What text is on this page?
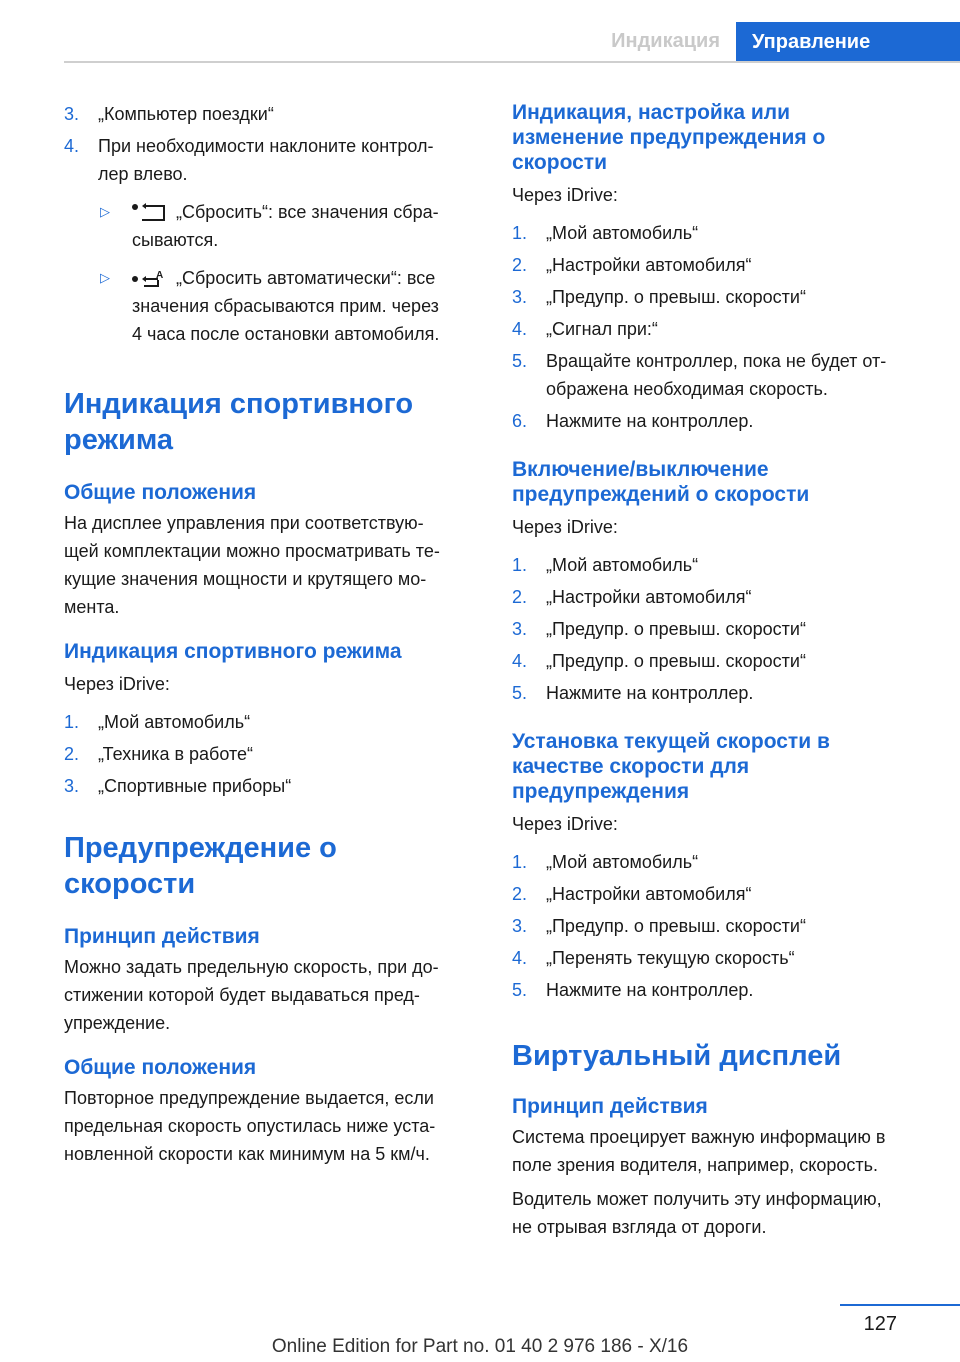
Индикация	Управление
3. „Компьютер поездки“
4. При необходимости наклоните контрол-
лер влево.
▷	„Сбросить“: все значения сбра-
сываются.
▷	A „Сбросить автоматически“: все
значения сбрасываются прим. через
4 часа после остановки автомобиля.
Индикация спортивного
режима
Общие положения
На дисплее управления при соответствую-
щей комплектации можно просматривать те-
кущие значения мощности и крутящего мо-
мента.
Индикация спортивного режима
Через iDrive:
1. „Мой автомобиль“
2. „Техника в работе“
3. „Спортивные приборы“
Предупреждение о
скорости
Принцип действия
Можно задать предельную скорость, при до-
стижении которой будет выдаваться пред-
упреждение.
Общие положения
Повторное предупреждение выдается, если
предельная скорость опустилась ниже уста-
новленной скорости как минимум на 5 км/ч.
Индикация, настройка или
изменение предупреждения о
скорости
Через iDrive:
1. „Мой автомобиль“
2. „Настройки автомобиля“
3. „Предупр. о превыш. скорости“
4. „Сигнал при:“
5. Вращайте контроллер, пока не будет от-
ображена необходимая скорость.
6. Нажмите на контроллер.
Включение/выключение
предупреждений о скорости
Через iDrive:
1. „Мой автомобиль“
2. „Настройки автомобиля“
3. „Предупр. о превыш. скорости“
4. „Предупр. о превыш. скорости“
5. Нажмите на контроллер.
Установка текущей скорости в
качестве скорости для
предупреждения
Через iDrive:
1. „Мой автомобиль“
2. „Настройки автомобиля“
3. „Предупр. о превыш. скорости“
4. „Перенять текущую скорость“
5. Нажмите на контроллер.
Виртуальный дисплей
Принцип действия
Система проецирует важную информацию в
поле зрения водителя, например, скорость.
Водитель может получить эту информацию,
не отрывая взгляда от дороги.
127
Online Edition for Part no. 01 40 2 976 186 - X/16
